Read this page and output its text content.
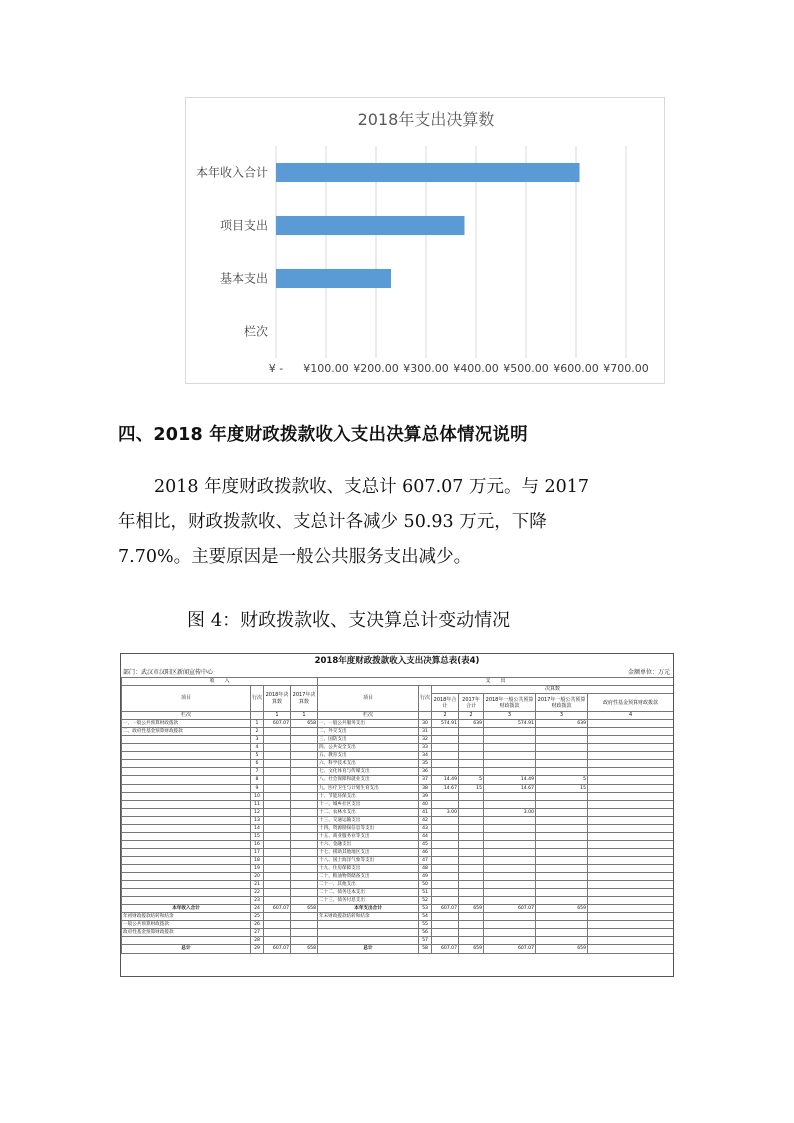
2018年支出决算数
本年收入合计
项目支出
基本支出
栏次
¥ - ¥100.00 ¥200.00 ¥300.00 ¥400.00 ¥500.00 ¥600.00 ¥700.00
四、2018 年度财政拨款收入支出决算总体情况说明

2018 年度财政拨款收、支总计 607.07 万元。与 2017

年相比，财政拨款收、支总计各减少 50.93 万元，下降

7.70%。主要原因是一般公共服务支出减少。

图 4：财政拨款收、支决算总计变动情况
2018年度财政拨款收入支出决算总表(表4)
部门：武汉市汉阳区新闻宣传中心	金额单位：万元
收　　入				支　　出						
项目	行次	2018年决算数	2017年决算数	项目	行次	决算数				
						2018年合计	2017年合计	2018年一般公共预算财政拨款	2017年一般公共预算财政拨款	政府性基金预算财政拨款
栏次		1	1	栏次		2	2	3	3	4
一、一般公共预算财政拨款	1	607.07	658	一、一般公共服务支出	30	574.91	639	574.91	639	
二、政府性基金预算财政拨款	2			二、外交支出	31					
	3			三、国防支出	32					
	4			四、公共安全支出	33					
	5			五、教育支出	34					
	6			六、科学技术支出	35					
	7			七、文化体育与传媒支出	36					
	8			八、社会保障和就业支出	37	14.49	5	14.49	5	
	9			九、医疗卫生与计划生育支出	38	14.67	15	14.67	15	
	10			十、节能环保支出	39					
	11			十一、城乡社区支出	40					
	12			十二、农林水支出	41	3.00		3.00		
	13			十三、交通运输支出	42					
	14			十四、资源勘探信息等支出	43					
	15			十五、商业服务业等支出	44					
	16			十六、金融支出	45					
	17			十七、援助其他地区支出	46					
	18			十八、国土海洋气象等支出	47					
	19			十九、住房保障支出	48					
	20			二十、粮油物资储备支出	49					
	21			二十一、其他支出	50					
	22			二十二、债务还本支出	51					
	23			二十三、债务付息支出	52					
本年收入合计	24	607.07	658	本年支出合计	53	607.07	659	607.07	659	
年初财政拨款结转和结余	25			年末财政拨款结转和结余	54					
一般公共预算财政拨款	26				55					
政府性基金预算财政拨款	27				56					
	28				57					
总计	29	607.07	658	总计	58	607.07	659	607.07	659	
